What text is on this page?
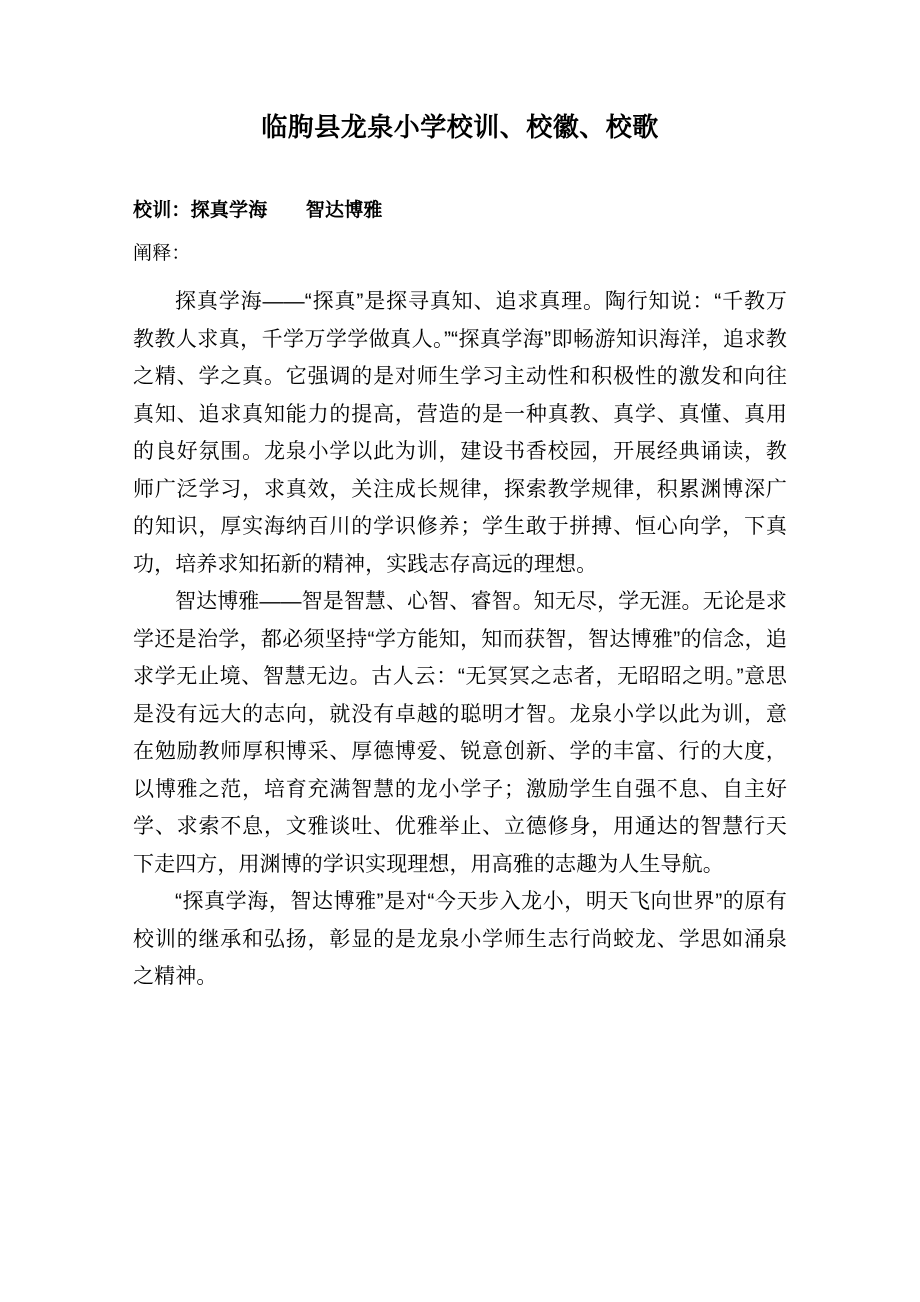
临朐县龙泉小学校训、校徽、校歌

校训：探真学海　　智达博雅

阐释：

探真学海——“探真”是探寻真知、追求真理。陶行知说：“千教万教教人求真，千学万学学做真人。”“探真学海”即畅游知识海洋，追求教之精、学之真。它强调的是对师生学习主动性和积极性的激发和向往真知、追求真知能力的提高，营造的是一种真教、真学、真懂、真用的良好氛围。龙泉小学以此为训，建设书香校园，开展经典诵读，教师广泛学习，求真效，关注成长规律，探索教学规律，积累渊博深广的知识，厚实海纳百川的学识修养；学生敢于拼搏、恒心向学，下真功，培养求知拓新的精神，实践志存高远的理想。

智达博雅——智是智慧、心智、睿智。知无尽，学无涯。无论是求学还是治学，都必须坚持“学方能知，知而获智，智达博雅”的信念，追求学无止境、智慧无边。古人云：“无冥冥之志者，无昭昭之明。”意思是没有远大的志向，就没有卓越的聪明才智。龙泉小学以此为训，意在勉励教师厚积博采、厚德博爱、锐意创新、学的丰富、行的大度，以博雅之范，培育充满智慧的龙小学子；激励学生自强不息、自主好学、求索不息，文雅谈吐、优雅举止、立德修身，用通达的智慧行天下走四方，用渊博的学识实现理想，用高雅的志趣为人生导航。

“探真学海，智达博雅”是对“今天步入龙小，明天飞向世界”的原有校训的继承和弘扬，彰显的是龙泉小学师生志行尚蛟龙、学思如涌泉之精神。
